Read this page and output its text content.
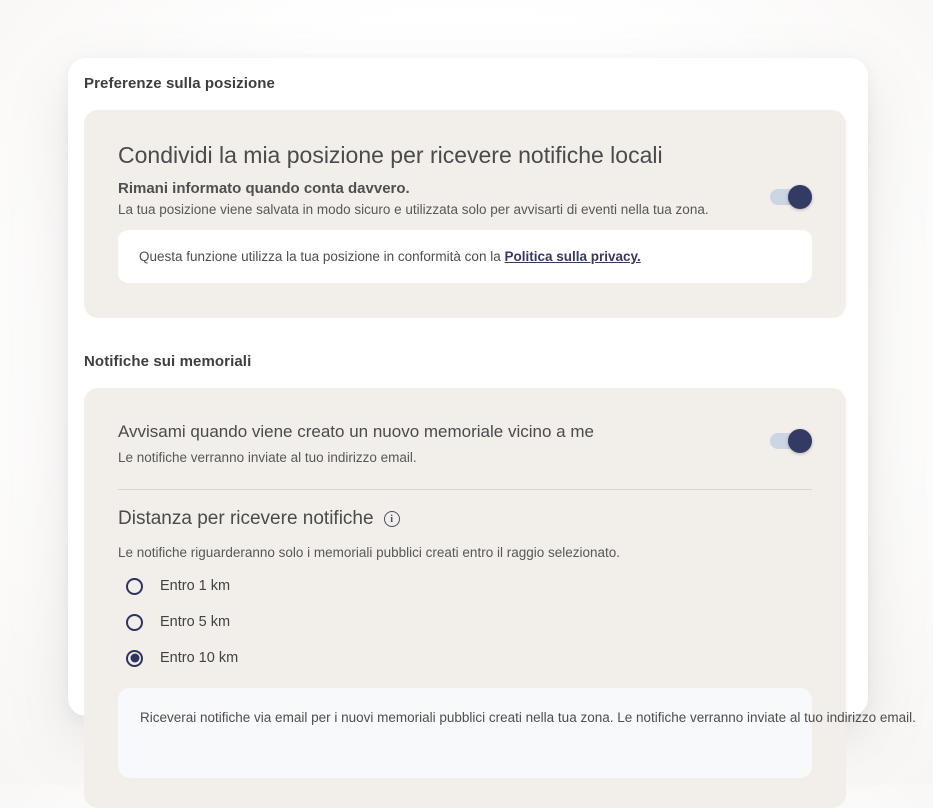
Preferenze sulla posizione
Condividi la mia posizione per ricevere notifiche locali
Rimani informato quando conta davvero.
La tua posizione viene salvata in modo sicuro e utilizzata solo per avvisarti di eventi nella tua zona.
Questa funzione utilizza la tua posizione in conformità con la Politica sulla privacy.
Notifiche sui memoriali
Avvisami quando viene creato un nuovo memoriale vicino a me
Le notifiche verranno inviate al tuo indirizzo email.
Distanza per ricevere notifiche	i
Le notifiche riguarderanno solo i memoriali pubblici creati entro il raggio selezionato.
Entro 1 km
Entro 5 km
Entro 10 km
Riceverai notifiche via email per i nuovi memoriali pubblici creati nella tua zona. Le notifiche verranno inviate al tuo indirizzo email.
